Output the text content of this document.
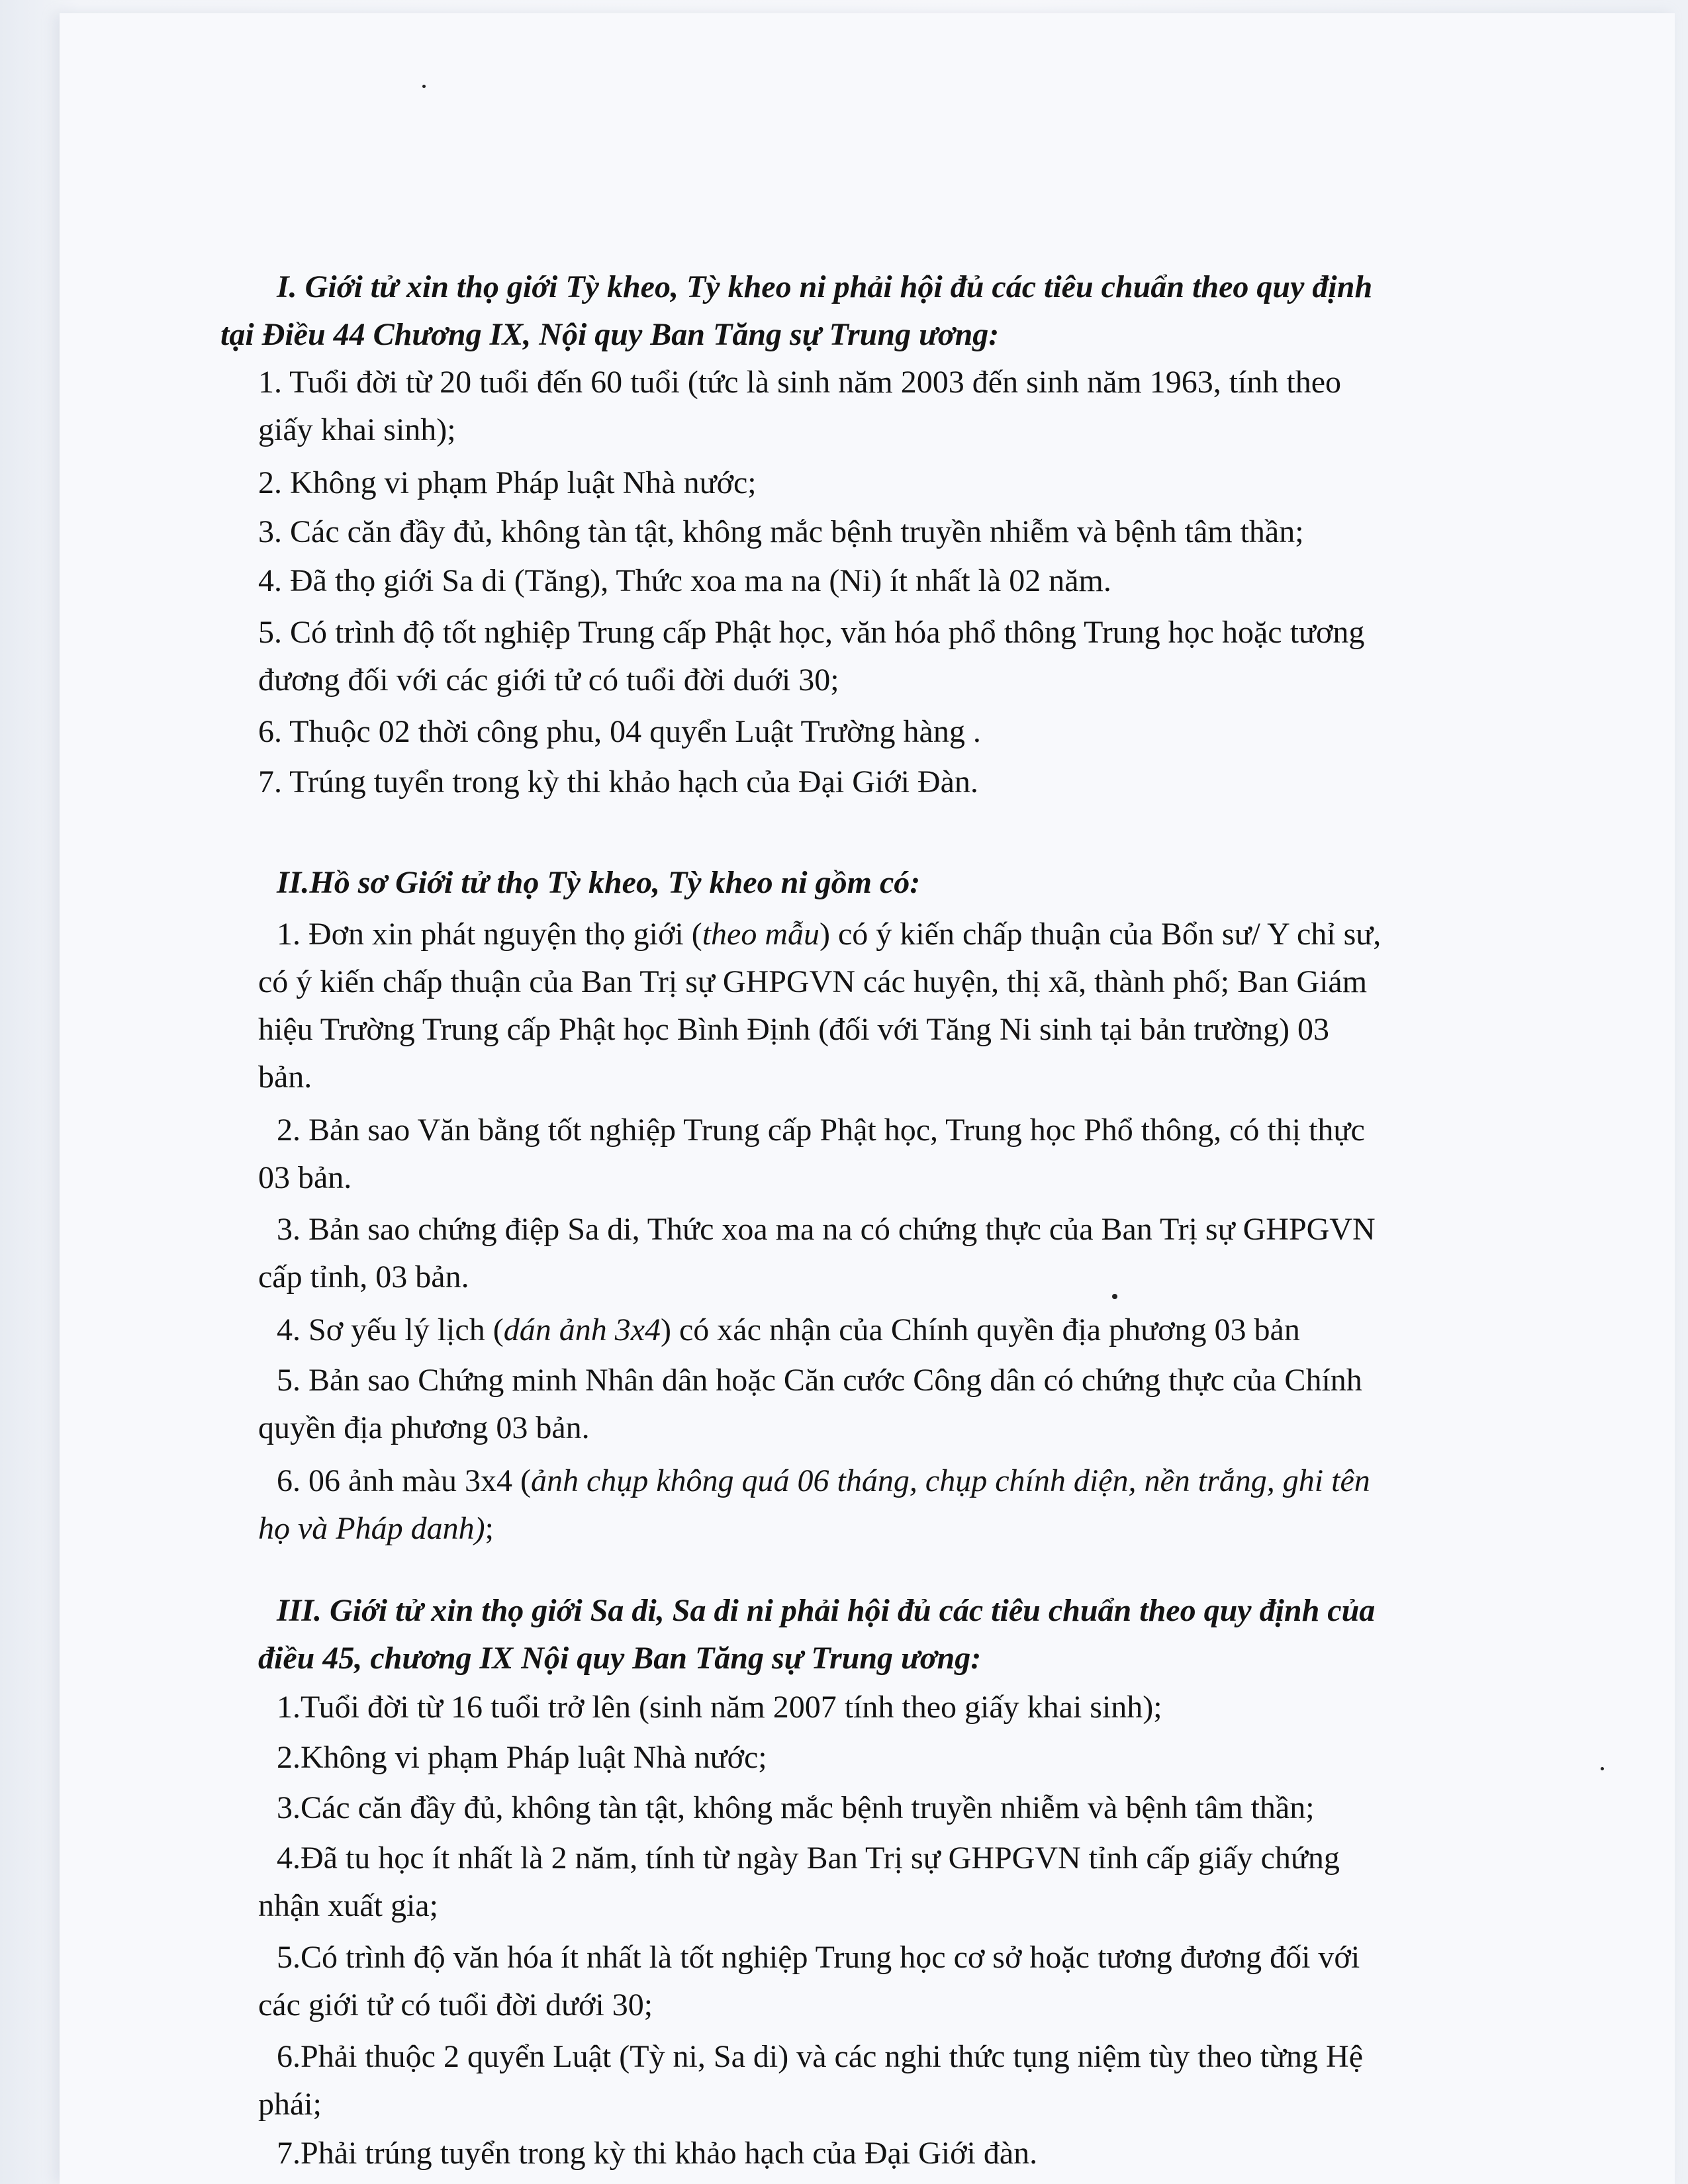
I. Giới tử xin thọ giới Tỳ kheo, Tỳ kheo ni phải hội đủ các tiêu chuẩn theo quy định
tại Điều 44 Chương IX, Nội quy Ban Tăng sự Trung ương:
1. Tuổi đời từ 20 tuổi đến 60 tuổi (tức là sinh năm 2003 đến sinh năm 1963, tính theo
giấy khai sinh);
2. Không vi phạm Pháp luật Nhà nước;
3. Các căn đầy đủ, không tàn tật, không mắc bệnh truyền nhiễm và bệnh tâm thần;
4. Đã thọ giới Sa di (Tăng), Thức xoa ma na (Ni) ít nhất là 02 năm.
5. Có trình độ tốt nghiệp Trung cấp Phật học, văn hóa phổ thông Trung học hoặc tương
đương đối với các giới tử có tuổi đời duới 30;
6. Thuộc 02 thời công phu, 04 quyển Luật Trường hàng .
7. Trúng tuyển trong kỳ thi khảo hạch của Đại Giới Đàn.
II.Hồ sơ Giới tử thọ Tỳ kheo, Tỳ kheo ni gồm có:
1. Đơn xin phát nguyện thọ giới (theo mẫu) có ý kiến chấp thuận của Bổn sư/ Y chỉ sư,
có ý kiến chấp thuận của Ban Trị sự GHPGVN các huyện, thị xã, thành phố; Ban Giám
hiệu Trường Trung cấp Phật học Bình Định (đối với Tăng Ni sinh tại bản trường) 03
bản.
2. Bản sao Văn bằng tốt nghiệp Trung cấp Phật học, Trung học Phổ thông, có thị thực
03 bản.
3. Bản sao chứng điệp Sa di, Thức xoa ma na có chứng thực của Ban Trị sự GHPGVN
cấp tỉnh, 03 bản.
4. Sơ yếu lý lịch (dán ảnh 3x4) có xác nhận của Chính quyền địa phương 03 bản
5. Bản sao Chứng minh Nhân dân hoặc Căn cước Công dân có chứng thực của Chính
quyền địa phương 03 bản.
6. 06 ảnh màu 3x4 (ảnh chụp không quá 06 tháng, chụp chính diện, nền trắng, ghi tên
họ và Pháp danh);
III. Giới tử xin thọ giới Sa di, Sa di ni phải hội đủ các tiêu chuẩn theo quy định của
điều 45, chương IX Nội quy Ban Tăng sự Trung ương:
1.Tuổi đời từ 16 tuổi trở lên (sinh năm 2007 tính theo giấy khai sinh);
2.Không vi phạm Pháp luật Nhà nước;
3.Các căn đầy đủ, không tàn tật, không mắc bệnh truyền nhiễm và bệnh tâm thần;
4.Đã tu học ít nhất là 2 năm, tính từ ngày Ban Trị sự GHPGVN tỉnh cấp giấy chứng
nhận xuất gia;
5.Có trình độ văn hóa ít nhất là tốt nghiệp Trung học cơ sở hoặc tương đương đối với
các giới tử có tuổi đời dưới 30;
6.Phải thuộc 2 quyển Luật (Tỳ ni, Sa di) và các nghi thức tụng niệm tùy theo từng Hệ
phái;
7.Phải trúng tuyển trong kỳ thi khảo hạch của Đại Giới đàn.
